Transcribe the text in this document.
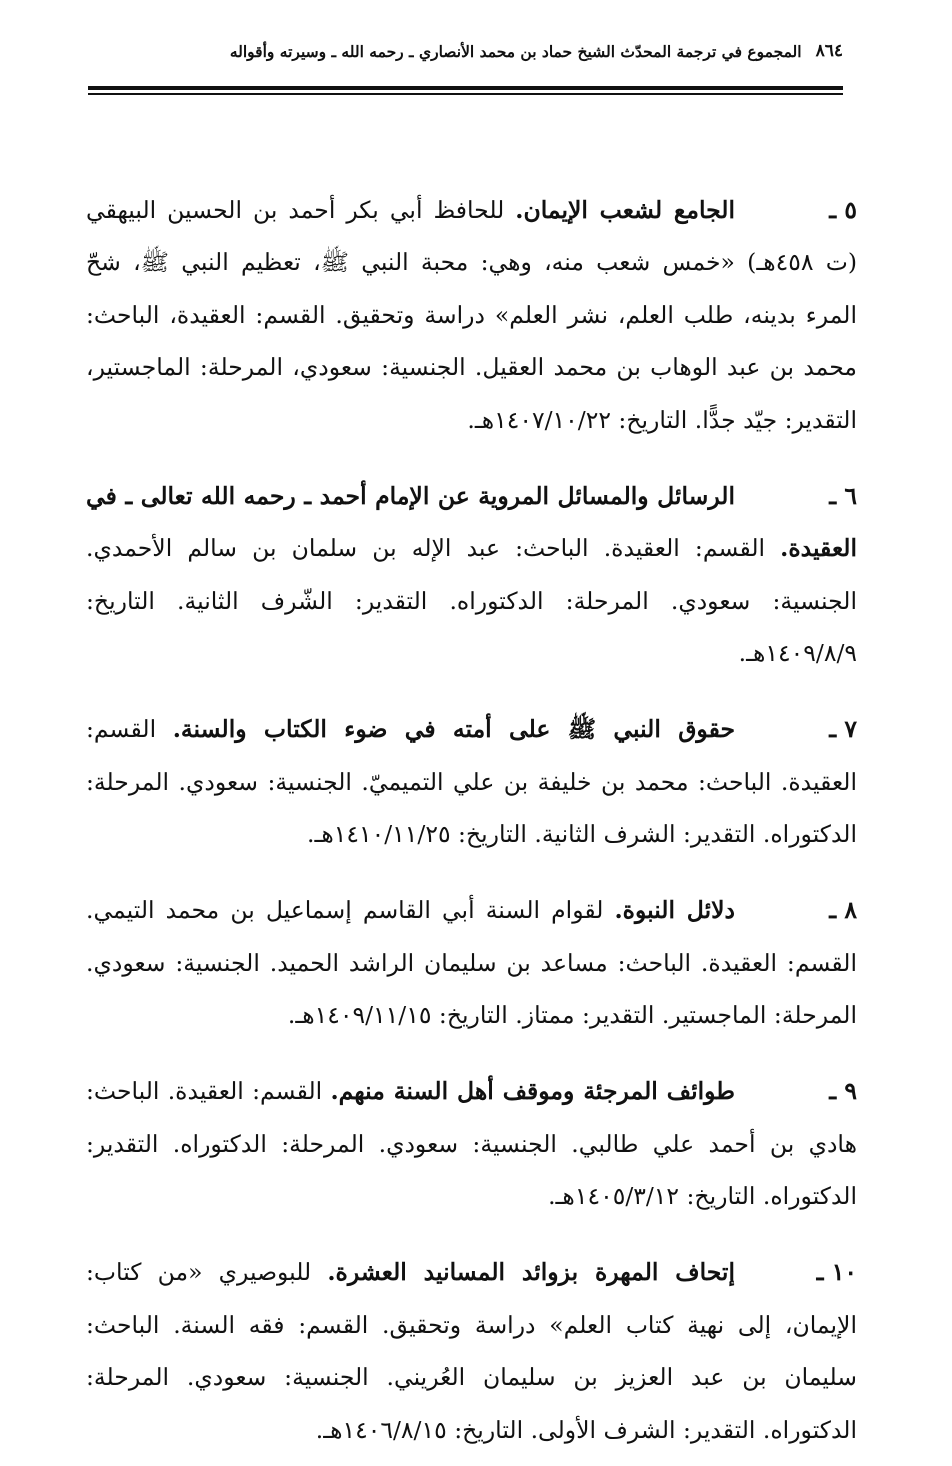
٨٦٤
المجموع في ترجمة المحدّث الشيخ حماد بن محمد الأنصاري ـ رحمه الله ـ وسيرته وأقواله

٥ ـالجامع لشعب الإيمان. للحافظ أبي بكر أحمد بن الحسين البيهقي (ت ٤٥٨هـ) «خمس شعب منه، وهي: محبة النبي ﷺ، تعظيم النبي ﷺ، شحّ المرء بدينه، طلب العلم، نشر العلم» دراسة وتحقيق. القسم: العقيدة، الباحث: محمد بن عبد الوهاب بن محمد العقيل. الجنسية: سعودي، المرحلة: الماجستير، التقدير: جيّد جدًّا. التاريخ: ١٤٠٧/١٠/٢٢هـ.

٦ ـالرسائل والمسائل المروية عن الإمام أحمد ـ رحمه الله تعالى ـ في العقيدة. القسم: العقيدة. الباحث: عبد الإله بن سلمان بن سالم الأحمدي. الجنسية: سعودي. المرحلة: الدكتوراه. التقدير: الشّرف الثانية. التاريخ: ١٤٠٩/٨/٩هـ.

٧ ـحقوق النبي ﷺ على أمته في ضوء الكتاب والسنة. القسم: العقيدة. الباحث: محمد بن خليفة بن علي التميميّ. الجنسية: سعودي. المرحلة: الدكتوراه. التقدير: الشرف الثانية. التاريخ: ١٤١٠/١١/٢٥هـ.

٨ ـدلائل النبوة. لقوام السنة أبي القاسم إسماعيل بن محمد التيمي. القسم: العقيدة. الباحث: مساعد بن سليمان الراشد الحميد. الجنسية: سعودي. المرحلة: الماجستير. التقدير: ممتاز. التاريخ: ١٤٠٩/١١/١٥هـ.

٩ ـطوائف المرجئة وموقف أهل السنة منهم. القسم: العقيدة. الباحث: هادي بن أحمد علي طالبي. الجنسية: سعودي. المرحلة: الدكتوراه. التقدير: الدكتوراه. التاريخ: ١٤٠٥/٣/١٢هـ.

١٠ ـإتحاف المهرة بزوائد المسانيد العشرة. للبوصيري «من كتاب: الإيمان، إلى نهية كتاب العلم» دراسة وتحقيق. القسم: فقه السنة. الباحث: سليمان بن عبد العزيز بن سليمان العُريني. الجنسية: سعودي. المرحلة: الدكتوراه. التقدير: الشرف الأولى. التاريخ: ١٤٠٦/٨/١٥هـ.
